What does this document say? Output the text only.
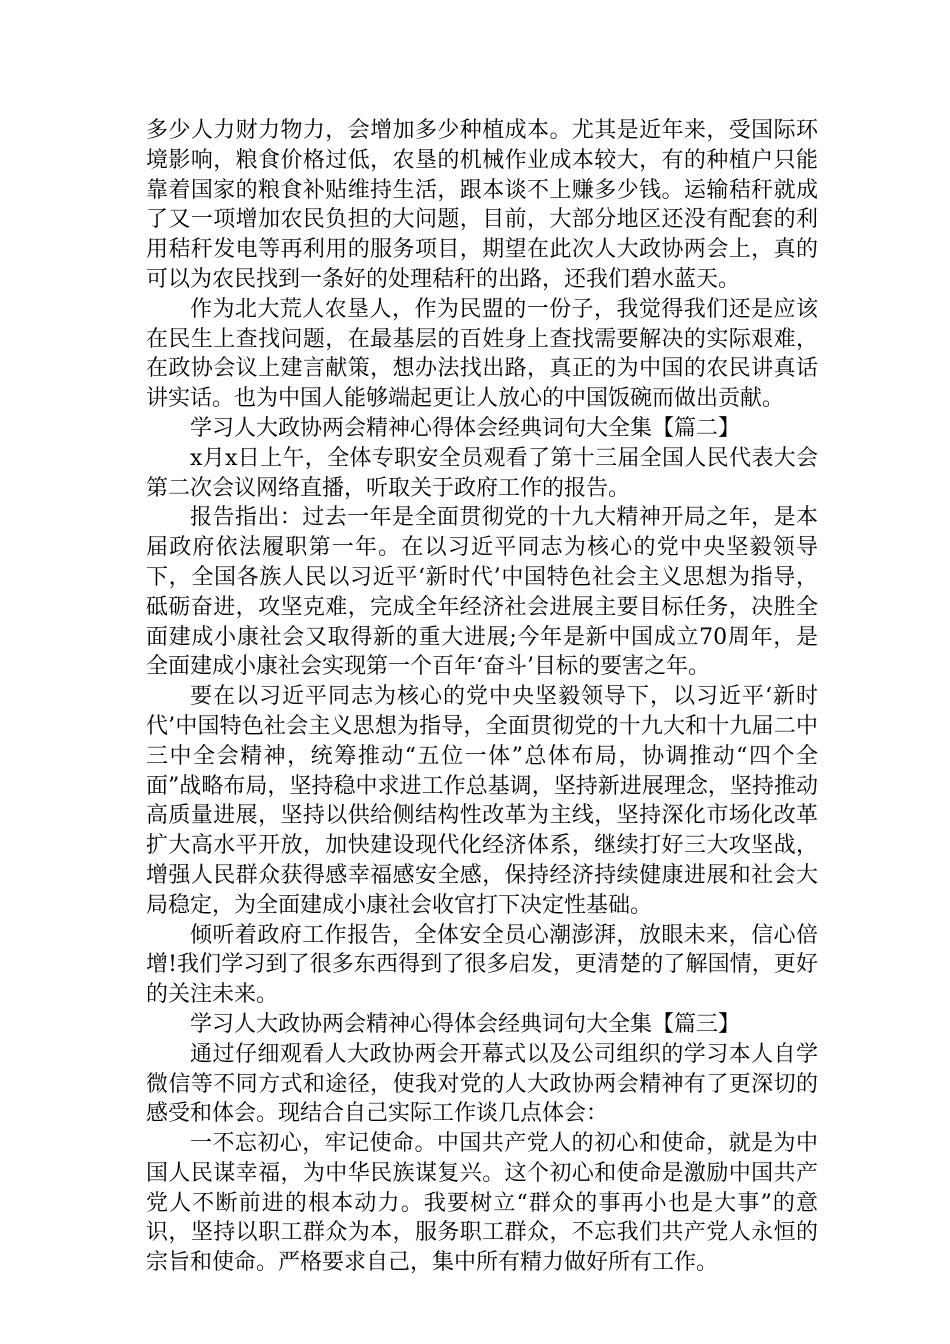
多少人力财力物力，会增加多少种植成本。尤其是近年来，受国际环境影响，粮食价格过低，农垦的机械作业成本较大，有的种植户只能靠着国家的粮食补贴维持生活，跟本谈不上赚多少钱。运输秸秆就成了又一项增加农民负担的大问题，目前，大部分地区还没有配套的利用秸秆发电等再利用的服务项目，期望在此次人大政协两会上，真的可以为农民找到一条好的处理秸秆的出路，还我们碧水蓝天。

作为北大荒人农垦人，作为民盟的一份子，我觉得我们还是应该在民生上查找问题，在最基层的百姓身上查找需要解决的实际艰难，在政协会议上建言献策，想办法找出路，真正的为中国的农民讲真话讲实话。也为中国人能够端起更让人放心的中国饭碗而做出贡献。

学习人大政协两会精神心得体会经典词句大全集【篇二】

x月x日上午，全体专职安全员观看了第十三届全国人民代表大会第二次会议网络直播，听取关于政府工作的报告。

报告指出：过去一年是全面贯彻党的十九大精神开局之年，是本届政府依法履职第一年。在以习近平同志为核心的党中央坚毅领导下，全国各族人民以习近平‘新时代’中国特色社会主义思想为指导，砥砺奋进，攻坚克难，完成全年经济社会进展主要目标任务，决胜全面建成小康社会又取得新的重大进展;今年是新中国成立70周年，是全面建成小康社会实现第一个百年‘奋斗’目标的要害之年。

要在以习近平同志为核心的党中央坚毅领导下，以习近平‘新时代’中国特色社会主义思想为指导，全面贯彻党的十九大和十九届二中三中全会精神，统筹推动“五位一体”总体布局，协调推动“四个全面”战略布局，坚持稳中求进工作总基调，坚持新进展理念，坚持推动高质量进展，坚持以供给侧结构性改革为主线，坚持深化市场化改革扩大高水平开放，加快建设现代化经济体系，继续打好三大攻坚战，增强人民群众获得感幸福感安全感，保持经济持续健康进展和社会大局稳定，为全面建成小康社会收官打下决定性基础。

倾听着政府工作报告，全体安全员心潮澎湃，放眼未来，信心倍增!我们学习到了很多东西得到了很多启发，更清楚的了解国情，更好的关注未来。

学习人大政协两会精神心得体会经典词句大全集【篇三】

通过仔细观看人大政协两会开幕式以及公司组织的学习本人自学微信等不同方式和途径，使我对党的人大政协两会精神有了更深切的感受和体会。现结合自己实际工作谈几点体会：

一不忘初心，牢记使命。中国共产党人的初心和使命，就是为中国人民谋幸福，为中华民族谋复兴。这个初心和使命是激励中国共产党人不断前进的根本动力。我要树立“群众的事再小也是大事”的意识，坚持以职工群众为本，服务职工群众，不忘我们共产党人永恒的宗旨和使命。严格要求自己，集中所有精力做好所有工作。
